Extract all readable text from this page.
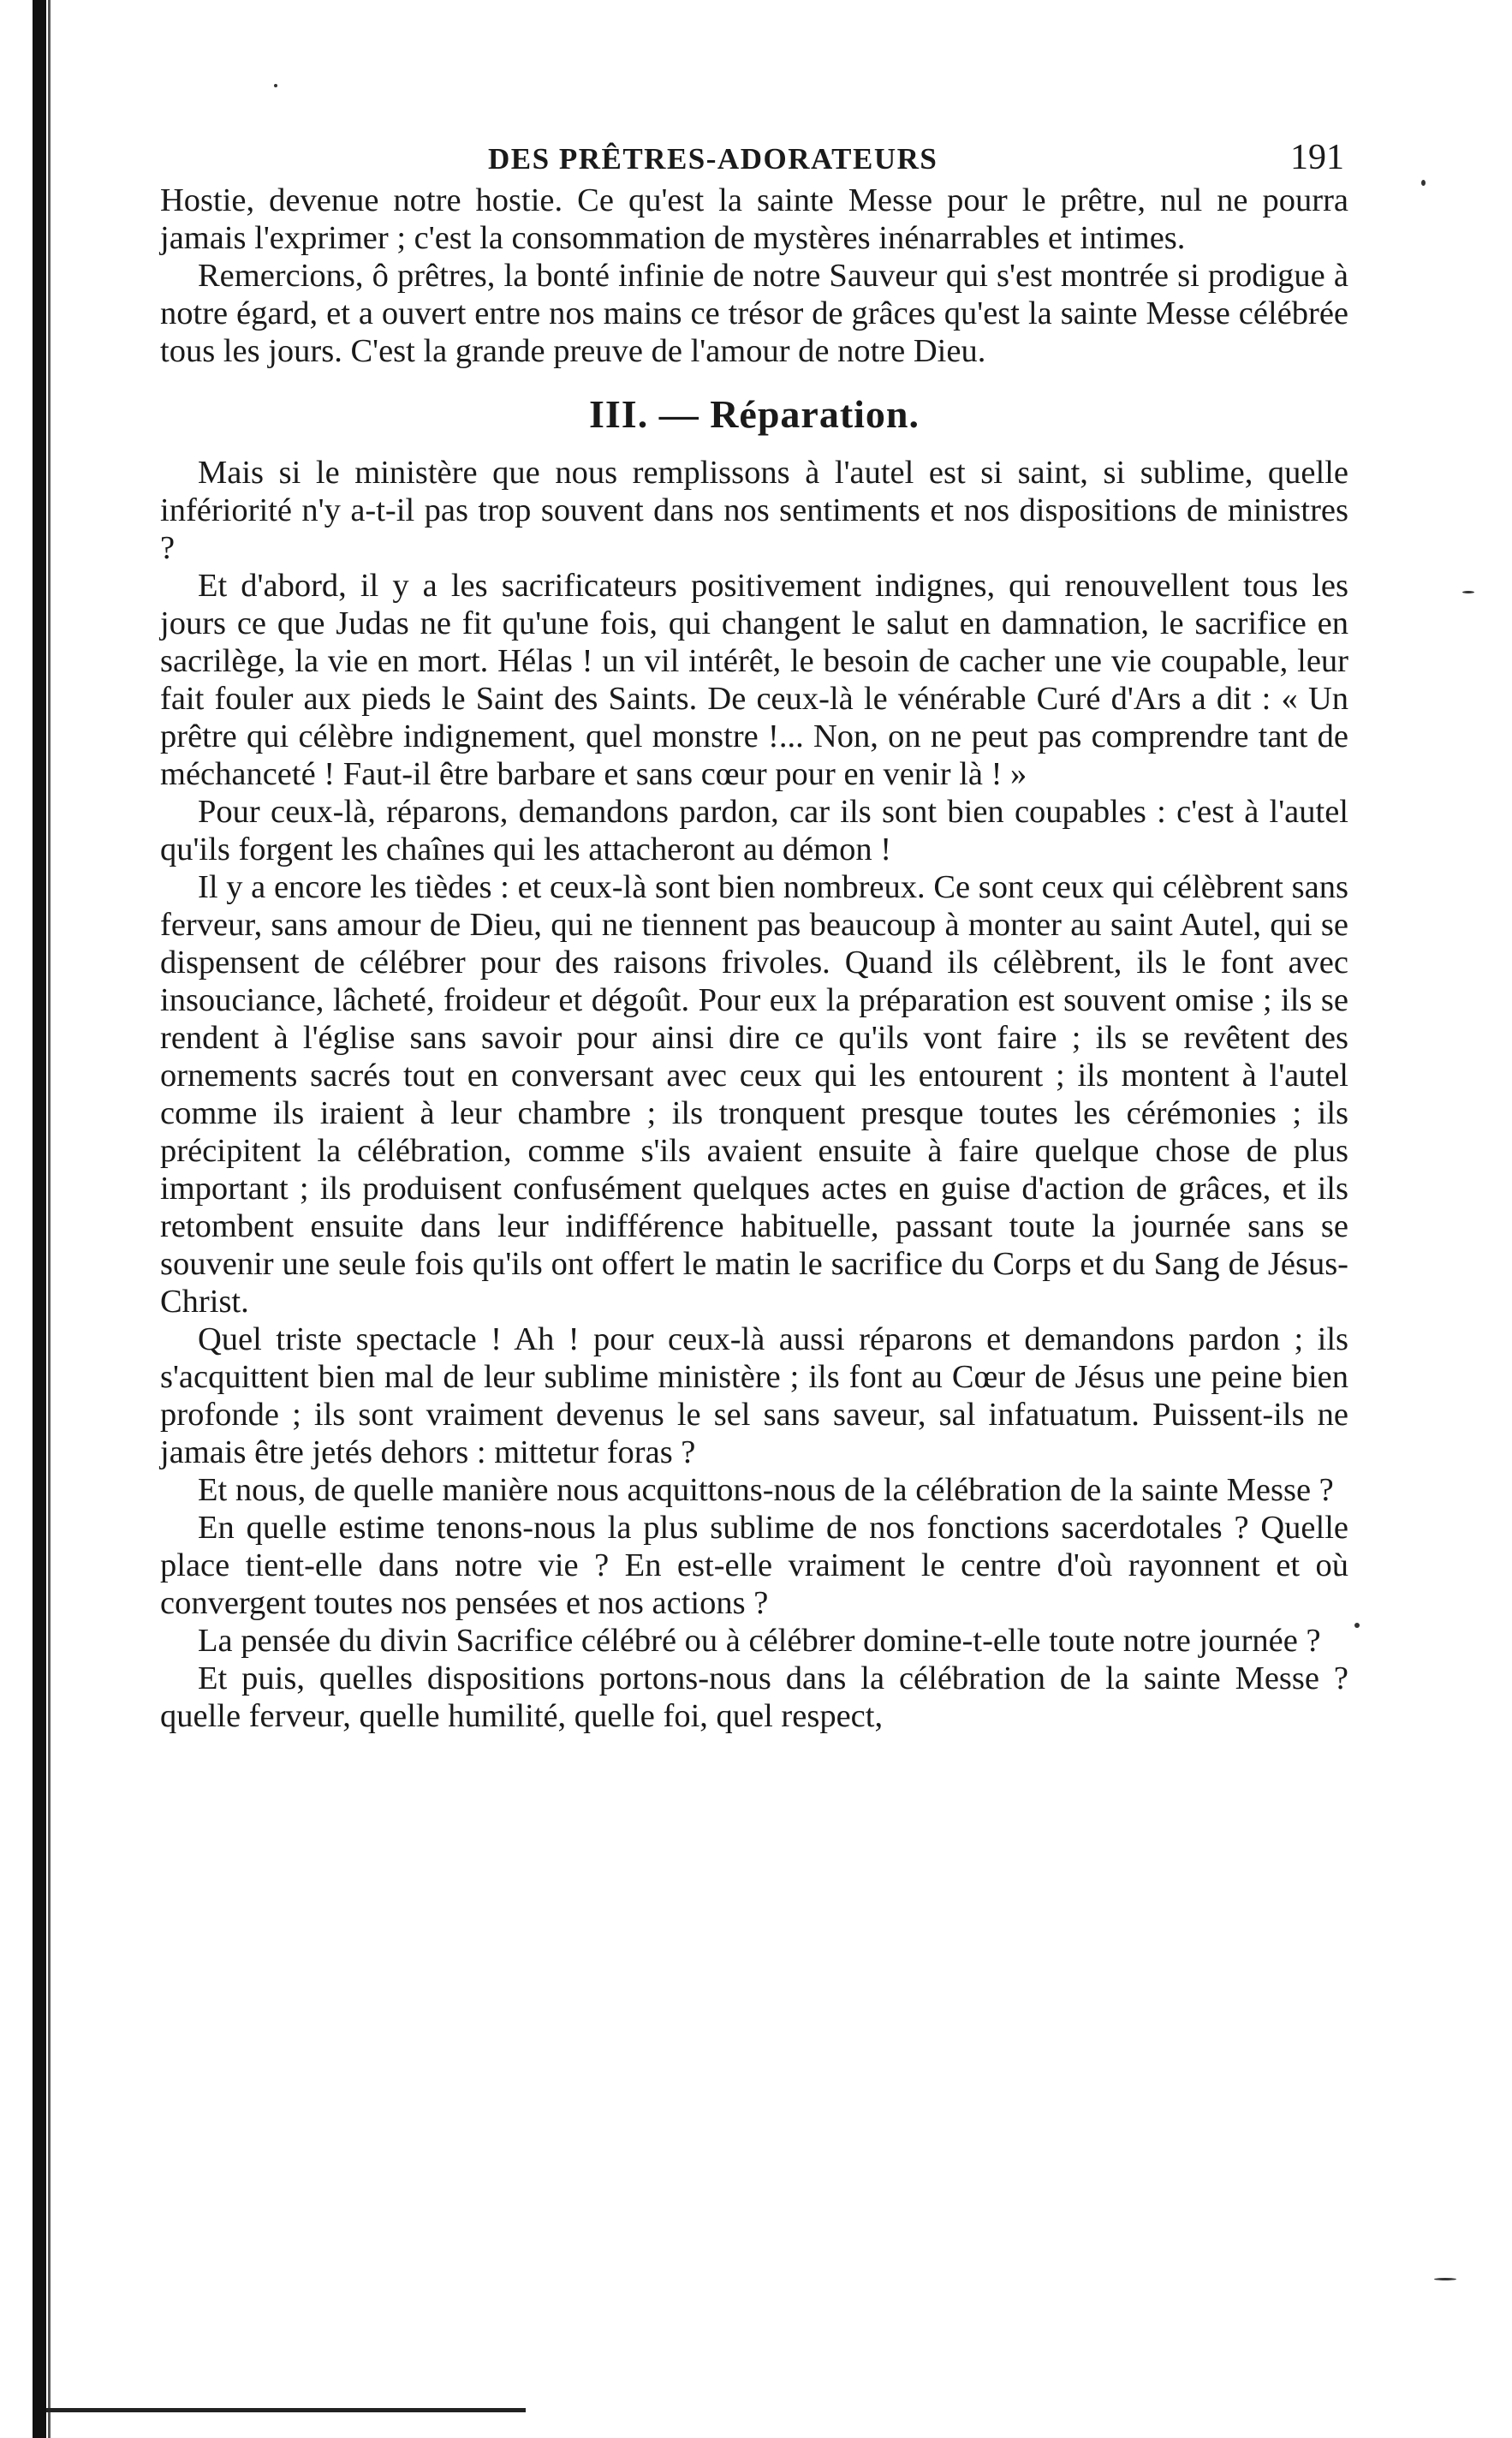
DES PRÊTRES-ADORATEURS	191

Hostie, devenue notre hostie. Ce qu'est la sainte Messe pour le prêtre, nul ne pourra jamais l'exprimer ; c'est la consommation de mystères inénarrables et intimes.

Remercions, ô prêtres, la bonté infinie de notre Sauveur qui s'est montrée si prodigue à notre égard, et a ouvert entre nos mains ce trésor de grâces qu'est la sainte Messe célébrée tous les jours. C'est la grande preuve de l'amour de notre Dieu.

III. — Réparation.

Mais si le ministère que nous remplissons à l'autel est si saint, si sublime, quelle infériorité n'y a-t-il pas trop souvent dans nos sentiments et nos dispositions de ministres ?

Et d'abord, il y a les sacrificateurs positivement indignes, qui renouvellent tous les jours ce que Judas ne fit qu'une fois, qui changent le salut en damnation, le sacrifice en sacrilège, la vie en mort. Hélas ! un vil intérêt, le besoin de cacher une vie coupable, leur fait fouler aux pieds le Saint des Saints. De ceux-là le vénérable Curé d'Ars a dit : « Un prêtre qui célèbre indignement, quel monstre !... Non, on ne peut pas comprendre tant de méchanceté ! Faut-il être barbare et sans cœur pour en venir là ! »

Pour ceux-là, réparons, demandons pardon, car ils sont bien coupables : c'est à l'autel qu'ils forgent les chaînes qui les attacheront au démon !

Il y a encore les tièdes : et ceux-là sont bien nombreux. Ce sont ceux qui célèbrent sans ferveur, sans amour de Dieu, qui ne tiennent pas beaucoup à monter au saint Autel, qui se dispensent de célébrer pour des raisons frivoles. Quand ils célèbrent, ils le font avec insouciance, lâcheté, froideur et dégoût. Pour eux la préparation est souvent omise ; ils se rendent à l'église sans savoir pour ainsi dire ce qu'ils vont faire ; ils se revêtent des ornements sacrés tout en conversant avec ceux qui les entourent ; ils montent à l'autel comme ils iraient à leur chambre ; ils tronquent presque toutes les cérémonies ; ils précipitent la célébration, comme s'ils avaient ensuite à faire quelque chose de plus important ; ils produisent confusément quelques actes en guise d'action de grâces, et ils retombent ensuite dans leur indifférence habituelle, passant toute la journée sans se souvenir une seule fois qu'ils ont offert le matin le sacrifice du Corps et du Sang de Jésus-Christ.

Quel triste spectacle ! Ah ! pour ceux-là aussi réparons et demandons pardon ; ils s'acquittent bien mal de leur sublime ministère ; ils font au Cœur de Jésus une peine bien profonde ; ils sont vraiment devenus le sel sans saveur, sal infatuatum. Puissent-ils ne jamais être jetés dehors : mittetur foras ?

Et nous, de quelle manière nous acquittons-nous de la célébration de la sainte Messe ?

En quelle estime tenons-nous la plus sublime de nos fonctions sacerdotales ? Quelle place tient-elle dans notre vie ? En est-elle vraiment le centre d'où rayonnent et où convergent toutes nos pensées et nos actions ?

La pensée du divin Sacrifice célébré ou à célébrer domine-t-elle toute notre journée ?

Et puis, quelles dispositions portons-nous dans la célébration de la sainte Messe ? quelle ferveur, quelle humilité, quelle foi, quel respect,
